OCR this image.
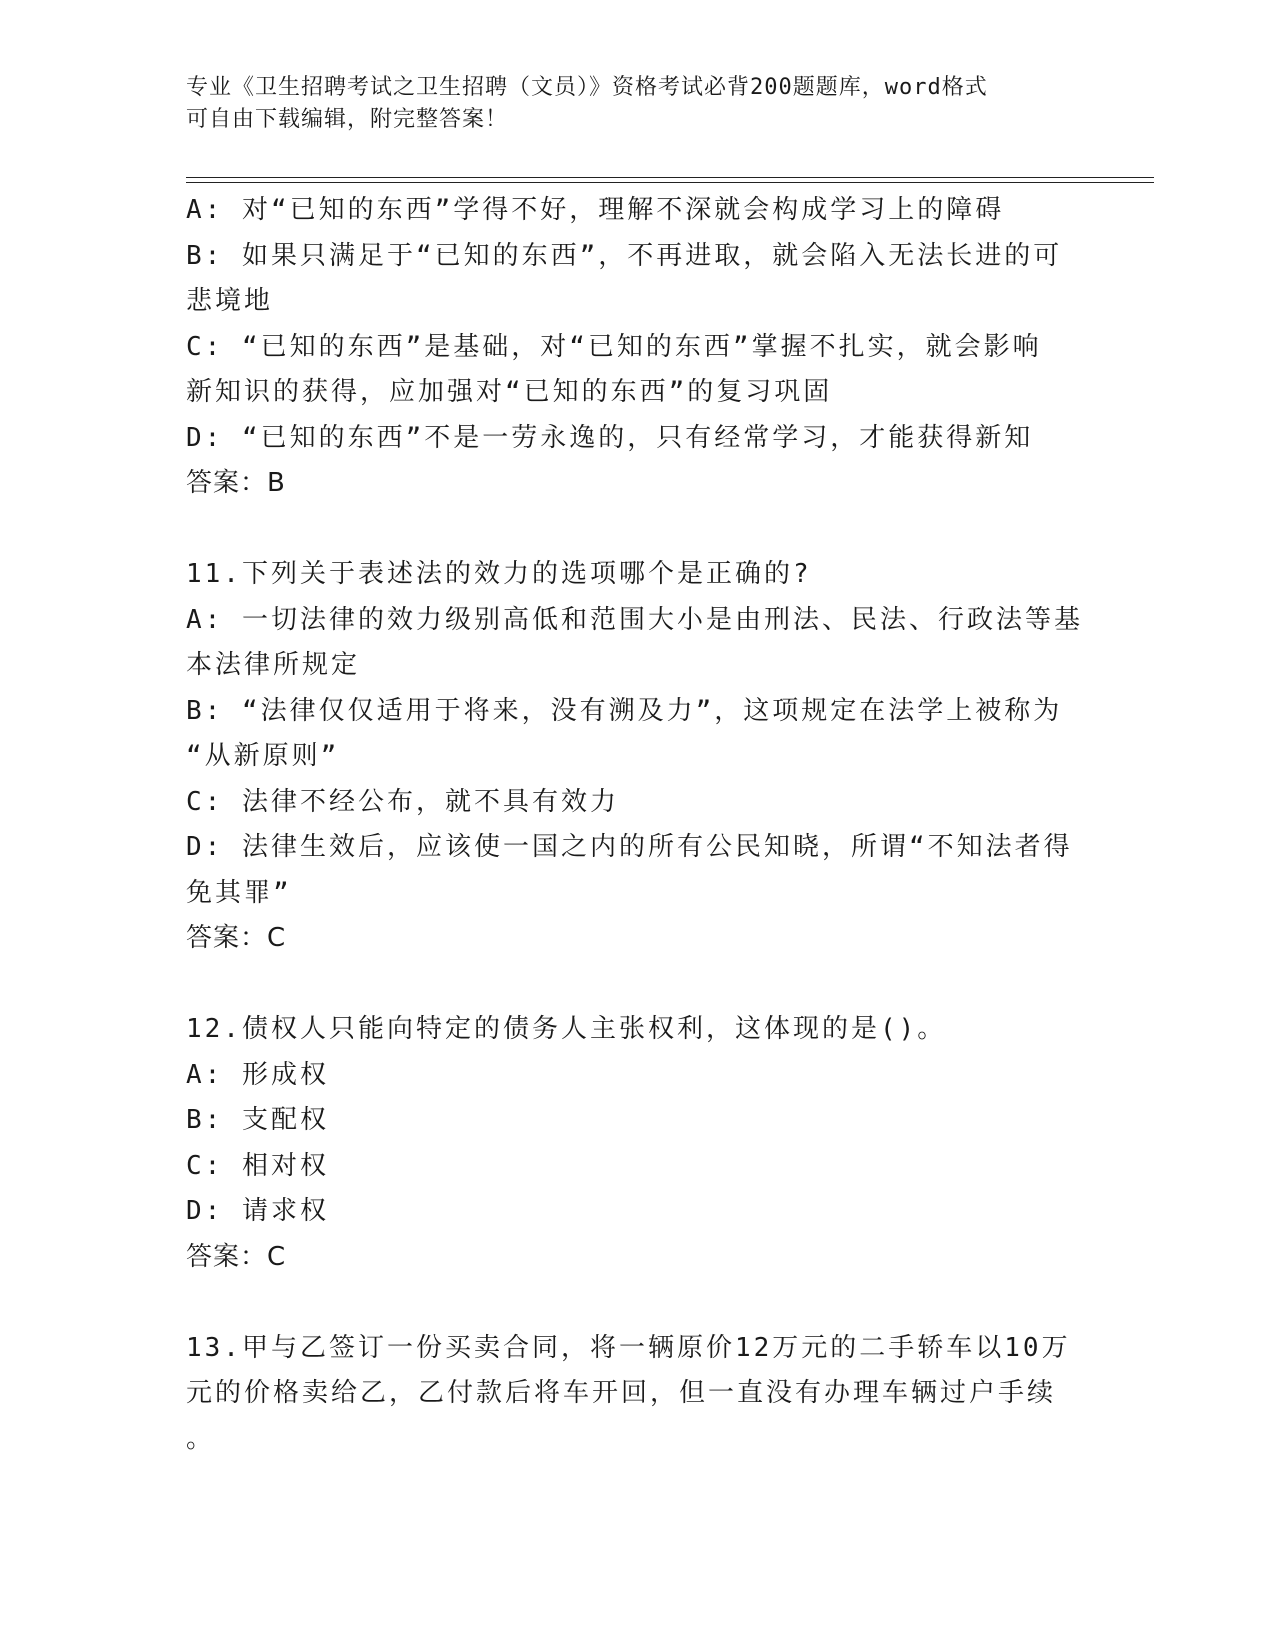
专业《卫生招聘考试之卫生招聘（文员）》资格考试必背200题题库，word格式
可自由下载编辑，附完整答案！
A: 对“已知的东西”学得不好，理解不深就会构成学习上的障碍
B: 如果只满足于“已知的东西”，不再进取，就会陷入无法长进的可
悲境地
C: “已知的东西”是基础，对“已知的东西”掌握不扎实，就会影响
新知识的获得，应加强对“已知的东西”的复习巩固
D: “已知的东西”不是一劳永逸的，只有经常学习，才能获得新知
答案：B
11.下列关于表述法的效力的选项哪个是正确的?
A: 一切法律的效力级别高低和范围大小是由刑法、民法、行政法等基
本法律所规定
B: “法律仅仅适用于将来，没有溯及力”，这项规定在法学上被称为
“从新原则”
C: 法律不经公布，就不具有效力
D: 法律生效后，应该使一国之内的所有公民知晓，所谓“不知法者得
免其罪”
答案：C
12.债权人只能向特定的债务人主张权利，这体现的是()。
A: 形成权
B: 支配权
C: 相对权
D: 请求权
答案：C
13.甲与乙签订一份买卖合同，将一辆原价12万元的二手轿车以10万
元的价格卖给乙，乙付款后将车开回，但一直没有办理车辆过户手续
。
